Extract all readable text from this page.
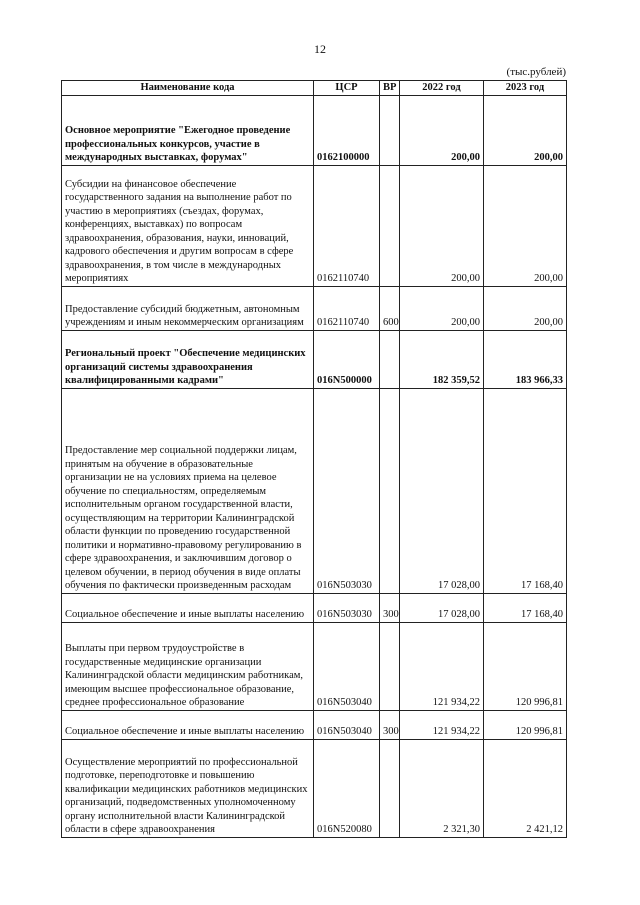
12
(тыс.рублей)
Наименование кода	ЦСР	ВР	2022 год	2023 год
Основное мероприятие "Ежегодное проведение профессиональных конкурсов, участие в международных выставках, форумах"	0162100000		200,00	200,00
Субсидии на финансовое обеспечение государственного задания на выполнение работ по участию в мероприятиях (съездах, форумах, конференциях, выставках) по вопросам здравоохранения, образования, науки, инноваций, кадрового обеспечения и другим вопросам в сфере здравоохранения, в том числе в международных мероприятиях	0162110740		200,00	200,00
Предоставление субсидий бюджетным, автономным учреждениям и иным некоммерческим организациям	0162110740	600	200,00	200,00
Региональный проект "Обеспечение медицинских организаций системы здравоохранения квалифицированными кадрами"	016N500000		182 359,52	183 966,33
Предоставление мер социальной поддержки лицам, принятым на обучение в образовательные организации не на условиях приема на целевое обучение по специальностям, определяемым исполнительным органом государственной власти, осуществляющим на территории Калининградской области функции по проведению государственной политики и нормативно-правовому регулированию в сфере здравоохранения, и заключившим договор о целевом обучении, в период обучения в виде оплаты обучения по фактически произведенным расходам	016N503030		17 028,00	17 168,40
Социальное обеспечение и иные выплаты населению	016N503030	300	17 028,00	17 168,40
Выплаты при первом трудоустройстве в государственные медицинские организации Калининградской области медицинским работникам, имеющим высшее профессиональное образование, среднее профессиональное образование	016N503040		121 934,22	120 996,81
Социальное обеспечение и иные выплаты населению	016N503040	300	121 934,22	120 996,81
Осуществление мероприятий по профессиональной подготовке, переподготовке и повышению квалификации медицинских работников медицинских организаций, подведомственных уполномоченному органу исполнительной власти Калининградской области в сфере здравоохранения	016N520080		2 321,30	2 421,12
